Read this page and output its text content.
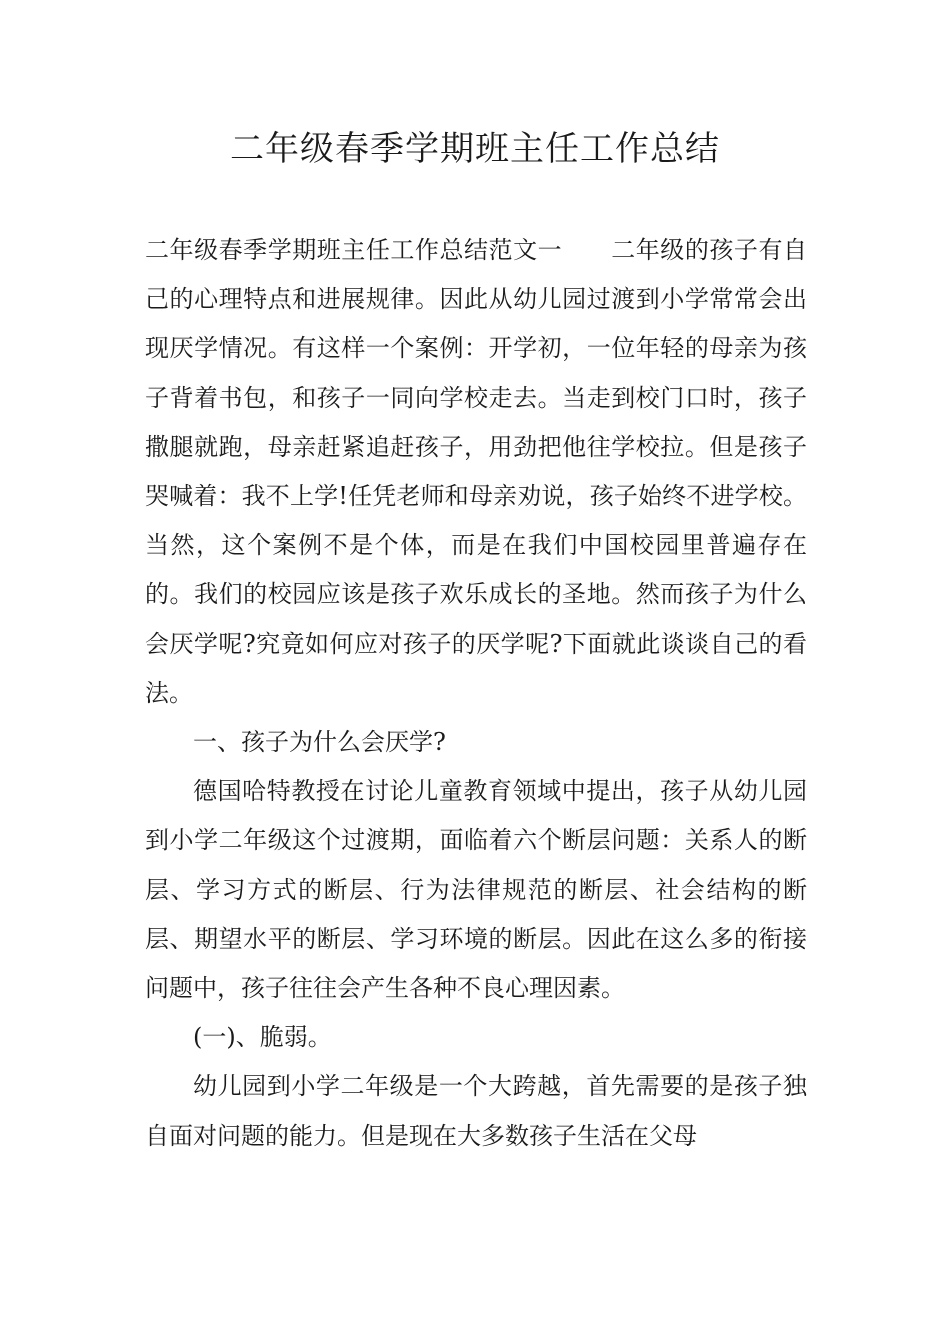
二年级春季学期班主任工作总结

二年级春季学期班主任工作总结范文一　　二年级的孩子有自己的心理特点和进展规律。因此从幼儿园过渡到小学常常会出现厌学情况。有这样一个案例：开学初，一位年轻的母亲为孩子背着书包，和孩子一同向学校走去。当走到校门口时，孩子撒腿就跑，母亲赶紧追赶孩子，用劲把他往学校拉。但是孩子哭喊着：我不上学!任凭老师和母亲劝说，孩子始终不进学校。当然，这个案例不是个体，而是在我们中国校园里普遍存在的。我们的校园应该是孩子欢乐成长的圣地。然而孩子为什么会厌学呢?究竟如何应对孩子的厌学呢?下面就此谈谈自己的看法。

一、孩子为什么会厌学?

德国哈特教授在讨论儿童教育领域中提出，孩子从幼儿园到小学二年级这个过渡期，面临着六个断层问题：关系人的断层、学习方式的断层、行为法律规范的断层、社会结构的断层、期望水平的断层、学习环境的断层。因此在这么多的衔接问题中，孩子往往会产生各种不良心理因素。

(一)、脆弱。

幼儿园到小学二年级是一个大跨越，首先需要的是孩子独自面对问题的能力。但是现在大多数孩子生活在父母
